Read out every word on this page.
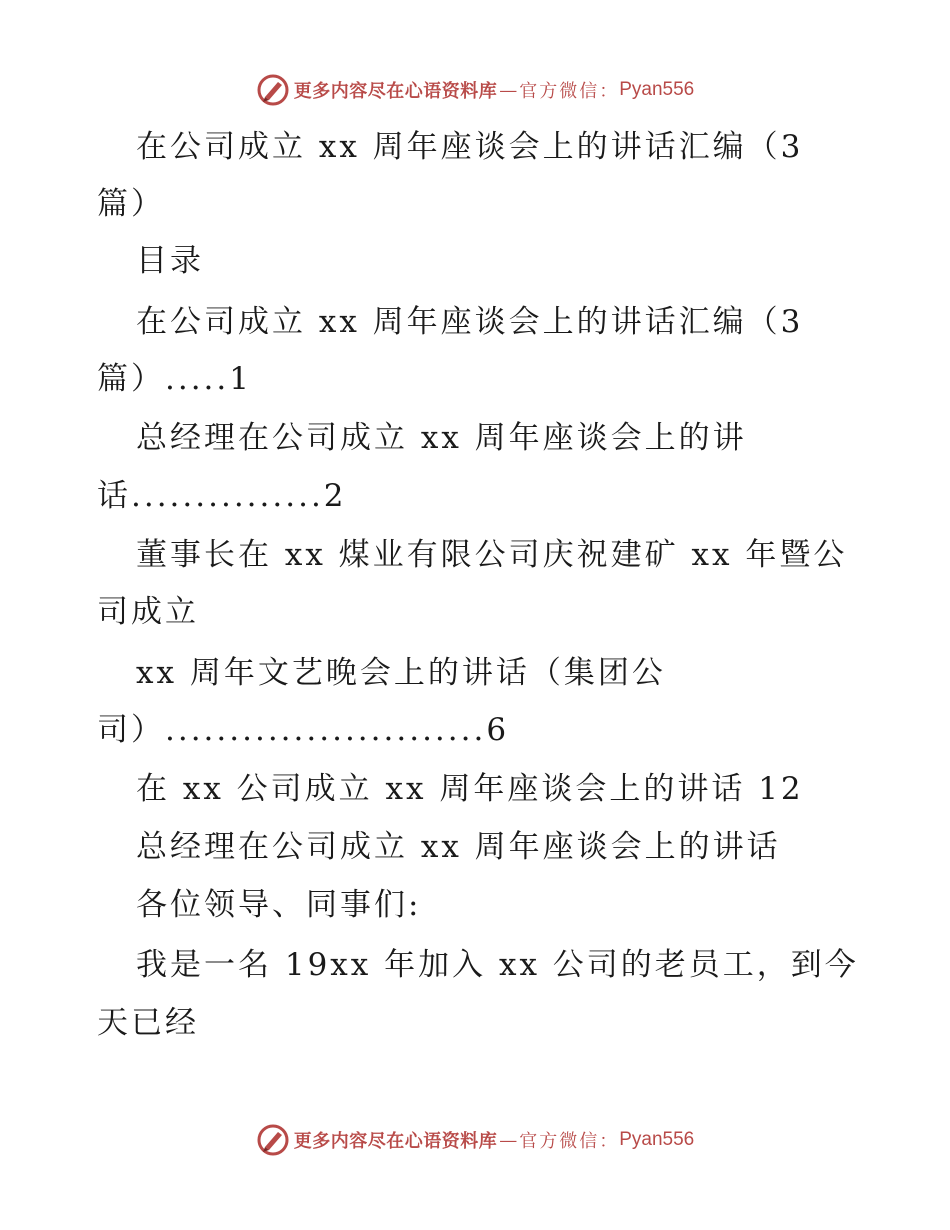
更多内容尽在心语资料库 — 官方微信： Pyan556
在公司成立 xx 周年座谈会上的讲话汇编（3
篇）
目录
在公司成立 xx 周年座谈会上的讲话汇编（3
篇）.....1
总经理在公司成立 xx 周年座谈会上的讲
话...............2
董事长在 xx 煤业有限公司庆祝建矿 xx 年暨公
司成立
xx 周年文艺晚会上的讲话（集团公
司）.........................6
在 xx 公司成立 xx 周年座谈会上的讲话 12
总经理在公司成立 xx 周年座谈会上的讲话
各位领导、同事们:
我是一名 19xx 年加入 xx 公司的老员工，到今
天已经
更多内容尽在心语资料库 — 官方微信： Pyan556
